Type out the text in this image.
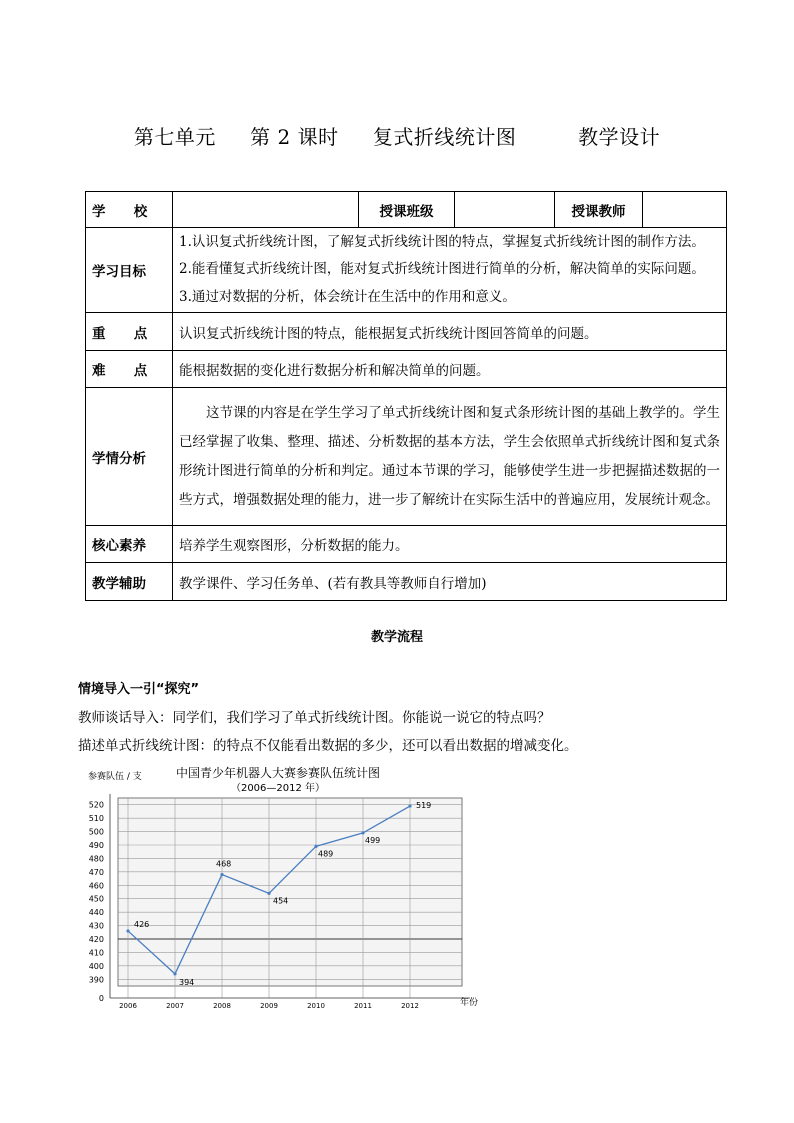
第七单元     第 2 课时     复式折线统计图         教学设计
学      校		授课班级		授课教师	
学习目标	1.认识复式折线统计图，了解复式折线统计图的特点，掌握复式折线统计图的制作方法。
2.能看懂复式折线统计图，能对复式折线统计图进行简单的分析，解决简单的实际问题。
3.通过对数据的分析，体会统计在生活中的作用和意义。				

重      点	认识复式折线统计图的特点，能根据复式折线统计图回答简单的问题。				
难      点	能根据数据的变化进行数据分析和解决简单的问题。				
学情分析	这节课的内容是在学生学习了单式折线统计图和复式条形统计图的基础上教学的。学生已经掌握了收集、整理、描述、分析数据的基本方法，学生会依照单式折线统计图和复式条形统计图进行简单的分析和判定。通过本节课的学习，能够使学生进一步把握描述数据的一些方式，增强数据处理的能力，进一步了解统计在实际生活中的普遍应用，发展统计观念。				
核心素养	培养学生观察图形，分析数据的能力。				
教学辅助	教学课件、学习任务单、(若有教具等教师自行增加)				
教学流程
情境导入一引“探究”
教师谈话导入：同学们，我们学习了单式折线统计图。你能说一说它的特点吗？
描述单式折线统计图：的特点不仅能看出数据的多少，还可以看出数据的增减变化。
参赛队伍 / 支	中国青少年机器人大赛参赛队伍统计图
（2006—2012 年）
390
400
410
420
430
440
450
460
470
480
490
500
510
520
0
2006	2007	2008	2009	2010	2011	2012
426
394
468
454
489
499
519
年份
